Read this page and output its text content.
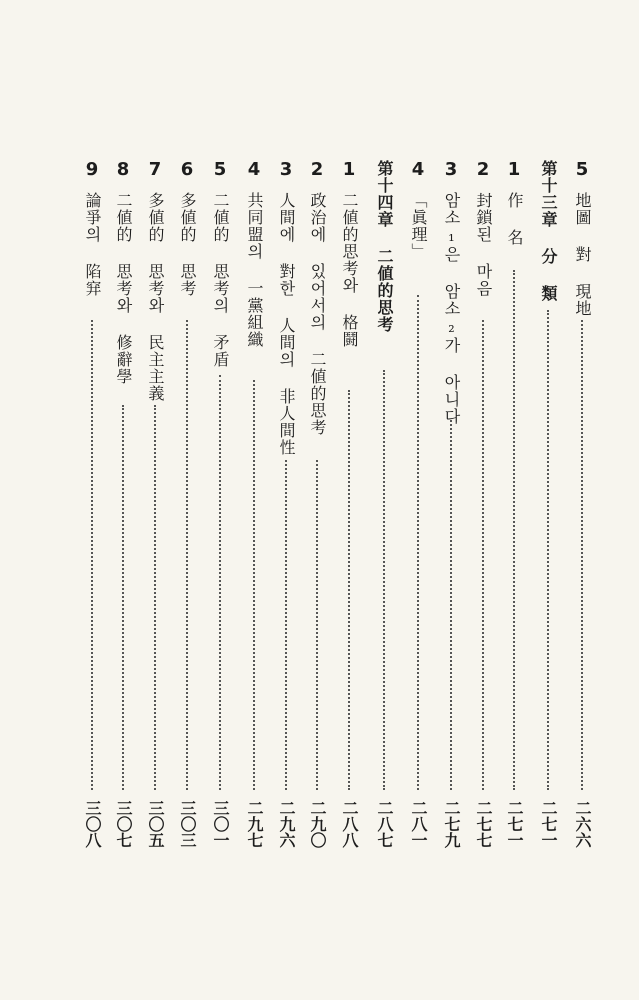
5
地圖 對 現地
二六六
第十三章 分 類
二七一
1
作 名
二七一
2
封鎖된 마음
二七七
3
암소₁은 암소₂가 아니다
二七九
4
「眞理」
二八一
第十四章 二値的思考
二八七
1
二値的思考와 格鬪
二八八
2
政治에 있어서의 二値的思考
二九〇
3
人間에 對한 人間의 非人間性
二九六
4
共同盟의 一黨組織
二九七
5
二値的 思考의 矛盾
三〇一
6
多値的 思考
三〇三
7
多値的 思考와 民主主義
三〇五
8
二値的 思考와 修辭學
三〇七
9
論爭의 陷穽
三〇八
